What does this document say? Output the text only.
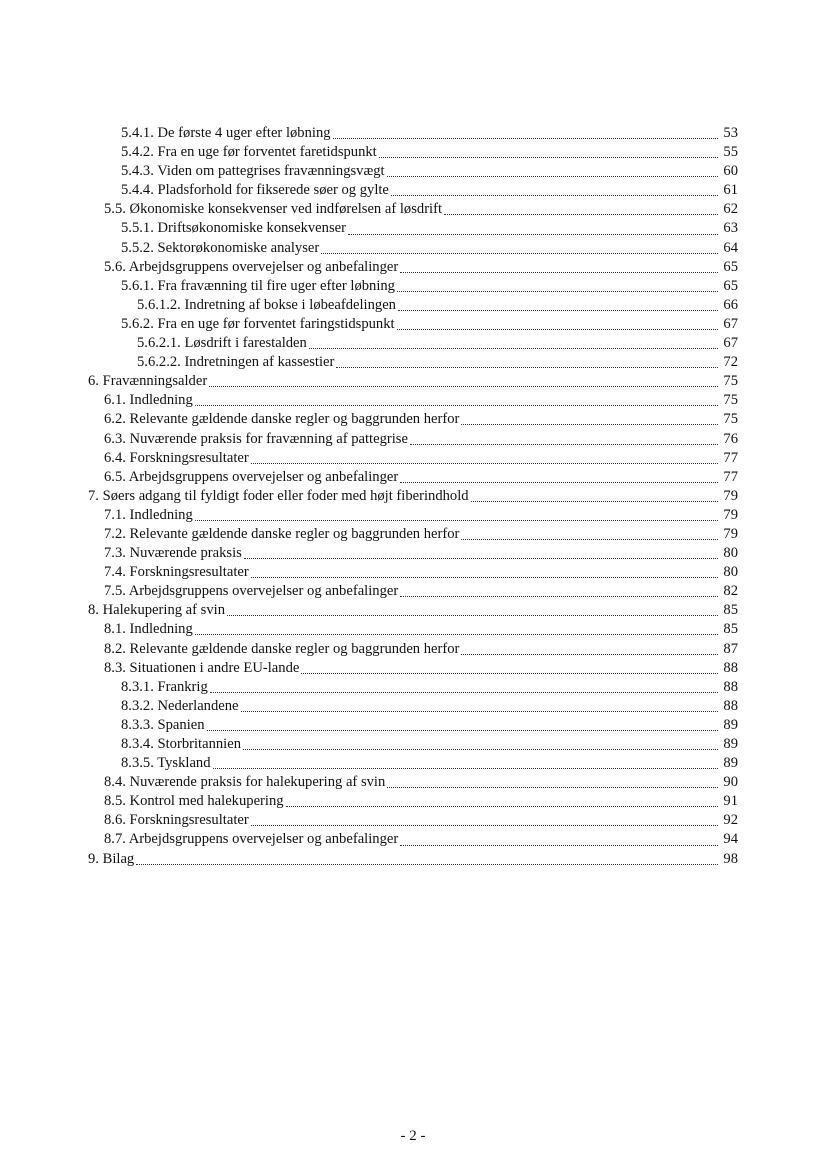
5.4.1. De første 4 uger efter løbning	53
5.4.2. Fra en uge før forventet faretidspunkt	55
5.4.3. Viden om pattegrises fravænningsvægt	60
5.4.4. Pladsforhold for fikserede søer og gylte	61
5.5. Økonomiske konsekvenser ved indførelsen af løsdrift	62
5.5.1. Driftsøkonomiske konsekvenser	63
5.5.2. Sektorøkonomiske analyser	64
5.6. Arbejdsgruppens overvejelser og anbefalinger	65
5.6.1. Fra fravænning til fire uger efter løbning	65
5.6.1.2. Indretning af bokse i løbeafdelingen	66
5.6.2. Fra en uge før forventet faringstidspunkt	67
5.6.2.1. Løsdrift i farestalden	67
5.6.2.2. Indretningen af kassestier	72
6. Fravænningsalder	75
6.1. Indledning	75
6.2. Relevante gældende danske regler og baggrunden herfor	75
6.3. Nuværende praksis for fravænning af pattegrise	76
6.4. Forskningsresultater	77
6.5. Arbejdsgruppens overvejelser og anbefalinger	77
7. Søers adgang til fyldigt foder eller foder med højt fiberindhold	79
7.1. Indledning	79
7.2. Relevante gældende danske regler og baggrunden herfor	79
7.3. Nuværende praksis	80
7.4. Forskningsresultater	80
7.5. Arbejdsgruppens overvejelser og anbefalinger	82
8. Halekupering af svin	85
8.1. Indledning	85
8.2. Relevante gældende danske regler og baggrunden herfor	87
8.3. Situationen i andre EU-lande	88
8.3.1. Frankrig	88
8.3.2. Nederlandene	88
8.3.3. Spanien	89
8.3.4. Storbritannien	89
8.3.5. Tyskland	89
8.4. Nuværende praksis for halekupering af svin	90
8.5. Kontrol med halekupering	91
8.6. Forskningsresultater	92
8.7. Arbejdsgruppens overvejelser og anbefalinger	94
9. Bilag	98
- 2 -
